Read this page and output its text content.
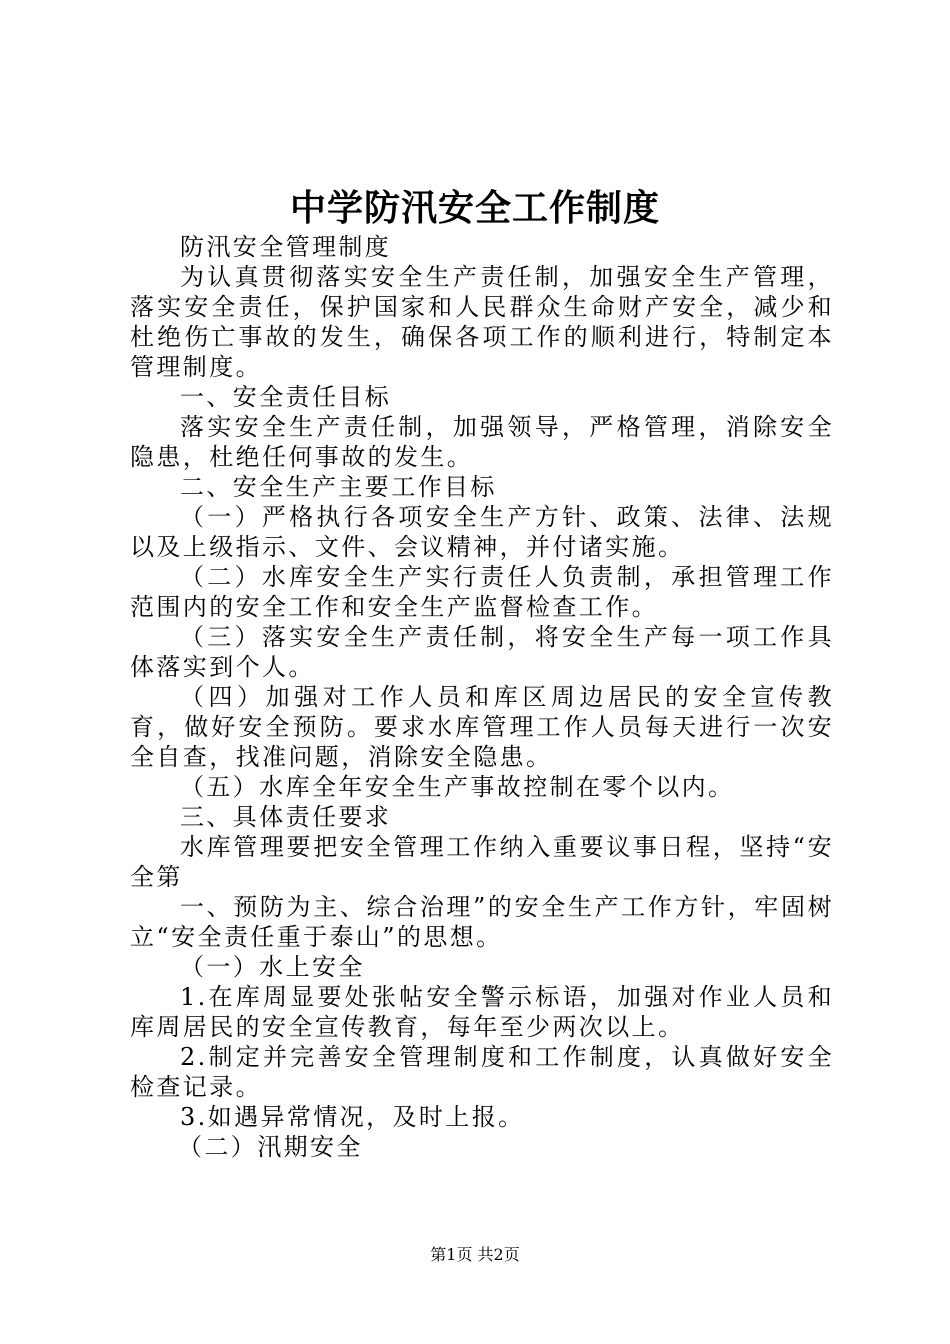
中学防汛安全工作制度

防汛安全管理制度

为认真贯彻落实安全生产责任制，加强安全生产管理，落实安全责任，保护国家和人民群众生命财产安全，减少和杜绝伤亡事故的发生，确保各项工作的顺利进行，特制定本管理制度。

一、安全责任目标

落实安全生产责任制，加强领导，严格管理，消除安全隐患，杜绝任何事故的发生。

二、安全生产主要工作目标

（一）严格执行各项安全生产方针、政策、法律、法规以及上级指示、文件、会议精神，并付诸实施。

（二）水库安全生产实行责任人负责制，承担管理工作范围内的安全工作和安全生产监督检查工作。

（三）落实安全生产责任制，将安全生产每一项工作具体落实到个人。

（四）加强对工作人员和库区周边居民的安全宣传教育，做好安全预防。要求水库管理工作人员每天进行一次安全自查，找准问题，消除安全隐患。

（五）水库全年安全生产事故控制在零个以内。

三、具体责任要求

水库管理要把安全管理工作纳入重要议事日程，坚持“安全第

一、预防为主、综合治理”的安全生产工作方针，牢固树立“安全责任重于泰山”的思想。

（一）水上安全

1.在库周显要处张帖安全警示标语，加强对作业人员和库周居民的安全宣传教育，每年至少两次以上。

2.制定并完善安全管理制度和工作制度，认真做好安全检查记录。

3.如遇异常情况，及时上报。

（二）汛期安全

第1页 共2页
